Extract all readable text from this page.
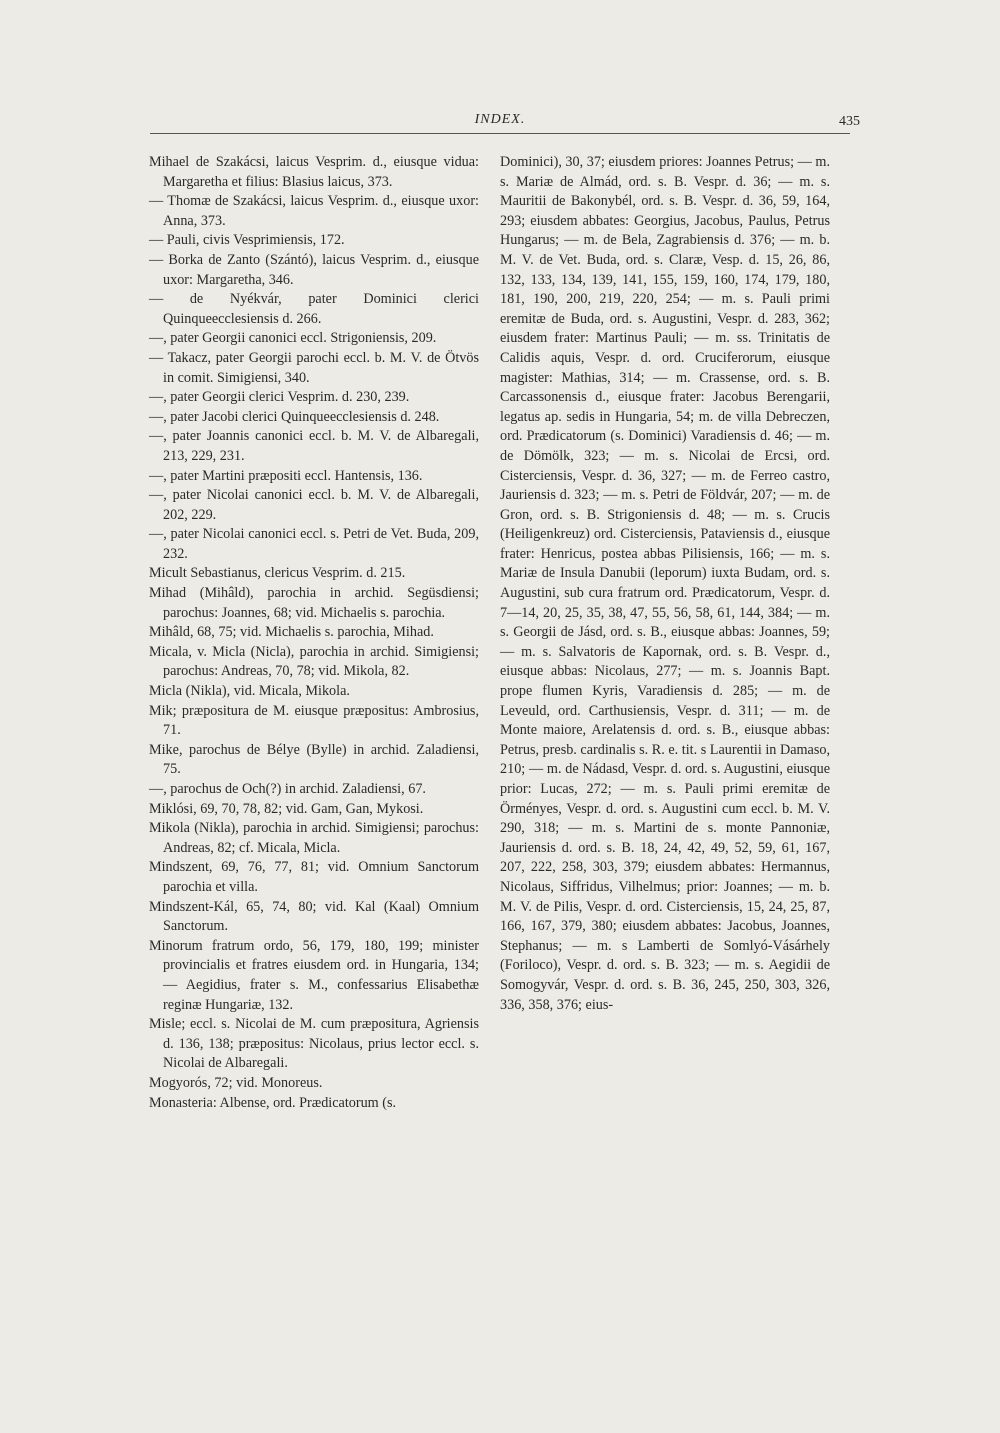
INDEX.	435

Mihael de Szakácsi, laicus Vesprim. d., eiusque vidua: Margaretha et filius: Blasius laicus, 373.

— Thomæ de Szakácsi, laicus Vesprim. d., eiusque uxor: Anna, 373.

— Pauli, civis Vesprimiensis, 172.

— Borka de Zanto (Szántó), laicus Vesprim. d., eiusque uxor: Margaretha, 346.

— de Nyékvár, pater Dominici clerici Quinqueecclesiensis d. 266.

—, pater Georgii canonici eccl. Strigoniensis, 209.

— Takacz, pater Georgii parochi eccl. b. M. V. de Ötvös in comit. Simigiensi, 340.

—, pater Georgii clerici Vesprim. d. 230, 239.

—, pater Jacobi clerici Quinqueecclesiensis d. 248.

—, pater Joannis canonici eccl. b. M. V. de Albaregali, 213, 229, 231.

—, pater Martini præpositi eccl. Hantensis, 136.

—, pater Nicolai canonici eccl. b. M. V. de Albaregali, 202, 229.

—, pater Nicolai canonici eccl. s. Petri de Vet. Buda, 209, 232.

Micult Sebastianus, clericus Vesprim. d. 215.

Mihad (Mihâld), parochia in archid. Següsdiensi; parochus: Joannes, 68; vid. Michaelis s. parochia.

Mihâld, 68, 75; vid. Michaelis s. parochia, Mihad.

Micala, v. Micla (Nicla), parochia in archid. Simigiensi; parochus: Andreas, 70, 78; vid. Mikola, 82.

Micla (Nikla), vid. Micala, Mikola.

Mik; præpositura de M. eiusque præpositus: Ambrosius, 71.

Mike, parochus de Bélye (Bylle) in archid. Zaladiensi, 75.

—, parochus de Och(?) in archid. Zaladiensi, 67.

Miklósi, 69, 70, 78, 82; vid. Gam, Gan, Mykosi.

Mikola (Nikla), parochia in archid. Simigiensi; parochus: Andreas, 82; cf. Micala, Micla.

Mindszent, 69, 76, 77, 81; vid. Omnium Sanctorum parochia et villa.

Mindszent-Kál, 65, 74, 80; vid. Kal (Kaal) Omnium Sanctorum.

Minorum fratrum ordo, 56, 179, 180, 199; minister provincialis et fratres eiusdem ord. in Hungaria, 134; — Aegidius, frater s. M., confessarius Elisabethæ reginæ Hungariæ, 132.

Misle; eccl. s. Nicolai de M. cum præpositura, Agriensis d. 136, 138; præpositus: Nicolaus, prius lector eccl. s. Nicolai de Albaregali.

Mogyorós, 72; vid. Monoreus.

Monasteria: Albense, ord. Prædicatorum (s.

Dominici), 30, 37; eiusdem priores: Joannes Petrus; — m. s. Mariæ de Almád, ord. s. B. Vespr. d. 36; — m. s. Mauritii de Bakonybél, ord. s. B. Vespr. d. 36, 59, 164, 293; eiusdem abbates: Georgius, Jacobus, Paulus, Petrus Hungarus; — m. de Bela, Zagrabiensis d. 376; — m. b. M. V. de Vet. Buda, ord. s. Claræ, Vesp. d. 15, 26, 86, 132, 133, 134, 139, 141, 155, 159, 160, 174, 179, 180, 181, 190, 200, 219, 220, 254; — m. s. Pauli primi eremitæ de Buda, ord. s. Augustini, Vespr. d. 283, 362; eiusdem frater: Martinus Pauli; — m. ss. Trinitatis de Calidis aquis, Vespr. d. ord. Cruciferorum, eiusque magister: Mathias, 314; — m. Crassense, ord. s. B. Carcassonensis d., eiusque frater: Jacobus Berengarii, legatus ap. sedis in Hungaria, 54; m. de villa Debreczen, ord. Prædicatorum (s. Dominici) Varadiensis d. 46; — m. de Dömölk, 323; — m. s. Nicolai de Ercsi, ord. Cisterciensis, Vespr. d. 36, 327; — m. de Ferreo castro, Jauriensis d. 323; — m. s. Petri de Földvár, 207; — m. de Gron, ord. s. B. Strigoniensis d. 48; — m. s. Crucis (Heiligenkreuz) ord. Cisterciensis, Pataviensis d., eiusque frater: Henricus, postea abbas Pilisiensis, 166; — m. s. Mariæ de Insula Danubii (leporum) iuxta Budam, ord. s. Augustini, sub cura fratrum ord. Prædicatorum, Vespr. d. 7—14, 20, 25, 35, 38, 47, 55, 56, 58, 61, 144, 384; — m. s. Georgii de Jásd, ord. s. B., eiusque abbas: Joannes, 59; — m. s. Salvatoris de Kapornak, ord. s. B. Vespr. d., eiusque abbas: Nicolaus, 277; — m. s. Joannis Bapt. prope flumen Kyris, Varadiensis d. 285; — m. de Leveuld, ord. Carthusiensis, Vespr. d. 311; — m. de Monte maiore, Arelatensis d. ord. s. B., eiusque abbas: Petrus, presb. cardinalis s. R. e. tit. s Laurentii in Damaso, 210; — m. de Nádasd, Vespr. d. ord. s. Augustini, eiusque prior: Lucas, 272; — m. s. Pauli primi eremitæ de Örményes, Vespr. d. ord. s. Augustini cum eccl. b. M. V. 290, 318; — m. s. Martini de s. monte Pannoniæ, Jauriensis d. ord. s. B. 18, 24, 42, 49, 52, 59, 61, 167, 207, 222, 258, 303, 379; eiusdem abbates: Hermannus, Nicolaus, Siffridus, Vilhelmus; prior: Joannes; — m. b. M. V. de Pilis, Vespr. d. ord. Cisterciensis, 15, 24, 25, 87, 166, 167, 379, 380; eiusdem abbates: Jacobus, Joannes, Stephanus; — m. s Lamberti de Somlyó-Vásárhely (Foriloco), Vespr. d. ord. s. B. 323; — m. s. Aegidii de Somogyvár, Vespr. d. ord. s. B. 36, 245, 250, 303, 326, 336, 358, 376; eius-
